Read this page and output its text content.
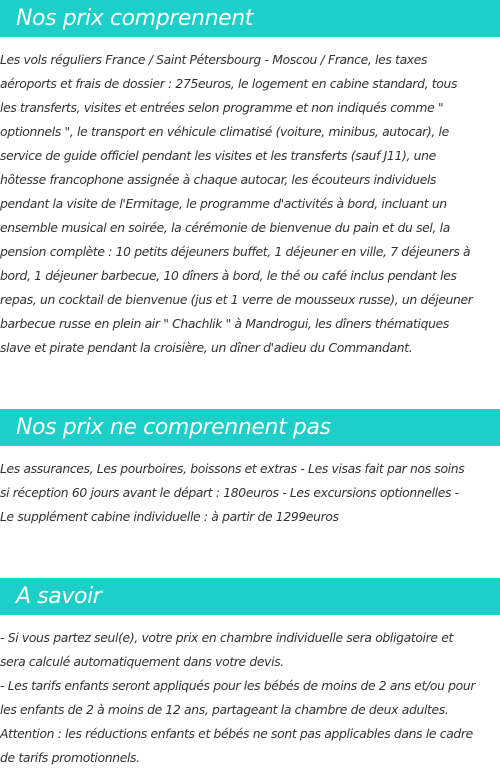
Nos prix comprennent
Les vols réguliers France / Saint Pétersbourg - Moscou / France, les taxes
aéroports et frais de dossier : 275euros, le logement en cabine standard, tous
les transferts, visites et entrées selon programme et non indiqués comme "
optionnels ", le transport en véhicule climatisé (voiture, minibus, autocar), le
service de guide officiel pendant les visites et les transferts (sauf J11), une
hôtesse francophone assignée à chaque autocar, les écouteurs individuels
pendant la visite de l'Ermitage, le programme d'activités à bord, incluant un
ensemble musical en soirée, la cérémonie de bienvenue du pain et du sel, la
pension complète : 10 petits déjeuners buffet, 1 déjeuner en ville, 7 déjeuners à
bord, 1 déjeuner barbecue, 10 dîners à bord, le thé ou café inclus pendant les
repas, un cocktail de bienvenue (jus et 1 verre de mousseux russe), un déjeuner
barbecue russe en plein air " Chachlik " à Mandrogui, les dîners thématiques
slave et pirate pendant la croisière, un dîner d'adieu du Commandant.
Nos prix ne comprennent pas
Les assurances, Les pourboires, boissons et extras - Les visas fait par nos soins
si réception 60 jours avant le départ : 180euros - Les excursions optionnelles -
Le supplément cabine individuelle : à partir de 1299euros
A savoir
- Si vous partez seul(e), votre prix en chambre individuelle sera obligatoire et
sera calculé automatiquement dans votre devis.
- Les tarifs enfants seront appliqués pour les bébés de moins de 2 ans et/ou pour
les enfants de 2 à moins de 12 ans, partageant la chambre de deux adultes.
Attention : les réductions enfants et bébés ne sont pas applicables dans le cadre
de tarifs promotionnels.
